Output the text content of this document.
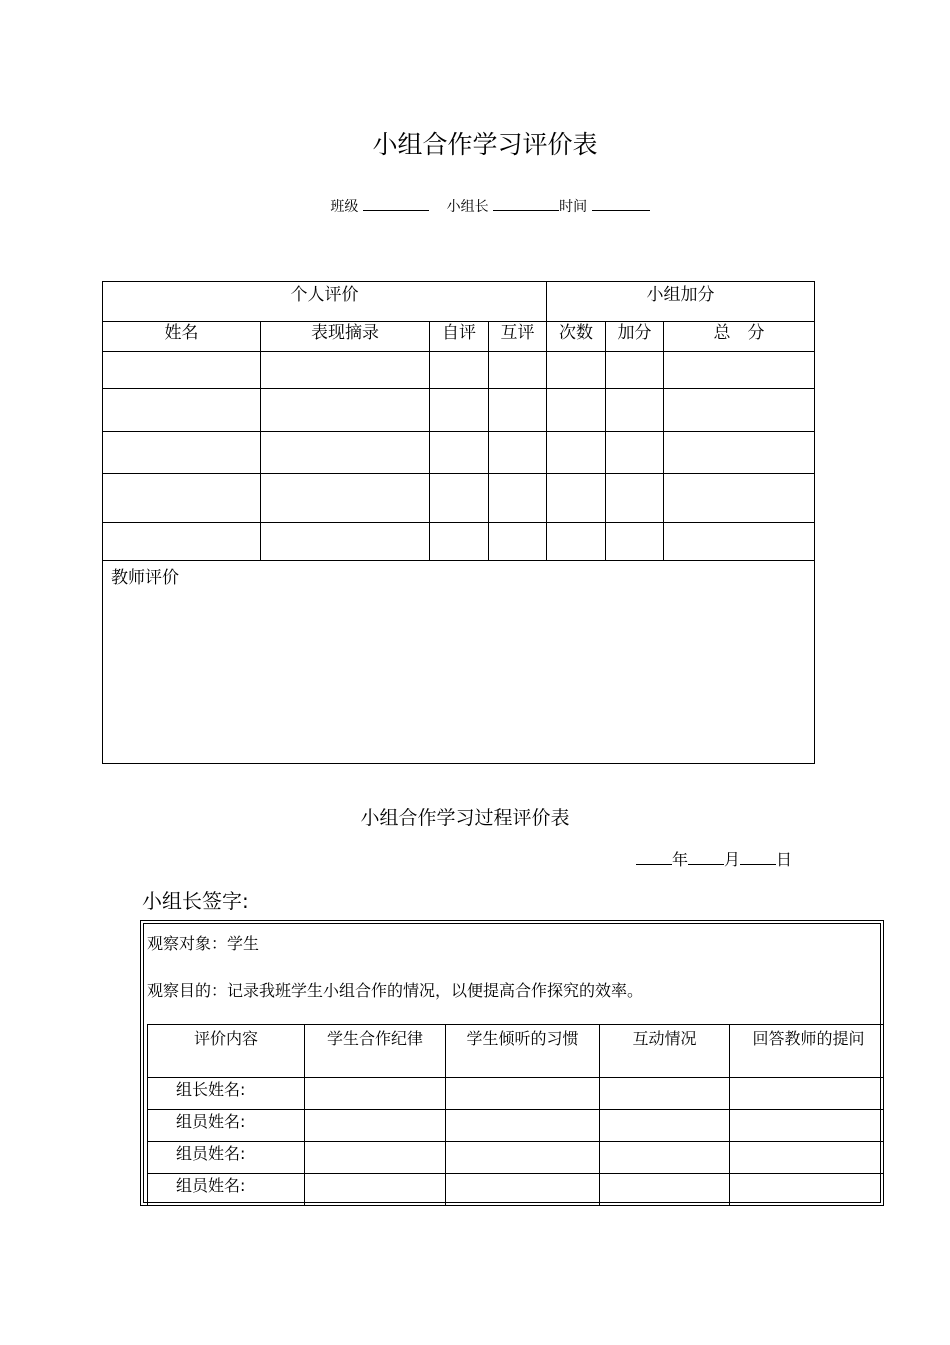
小组合作学习评价表
班级	小组长	时间
个人评价				小组加分		
姓名	表现摘录	自评	互评	次数	加分	总　分

教师评价						
小组合作学习过程评价表
年 月 日
小组长签字:
观察对象：学生
观察目的：记录我班学生小组合作的情况，以便提高合作探究的效率。
评价内容	学生合作纪律	学生倾听的习惯	互动情况	回答教师的提问
组长姓名:				
组员姓名:				
组员姓名:				
组员姓名:				
